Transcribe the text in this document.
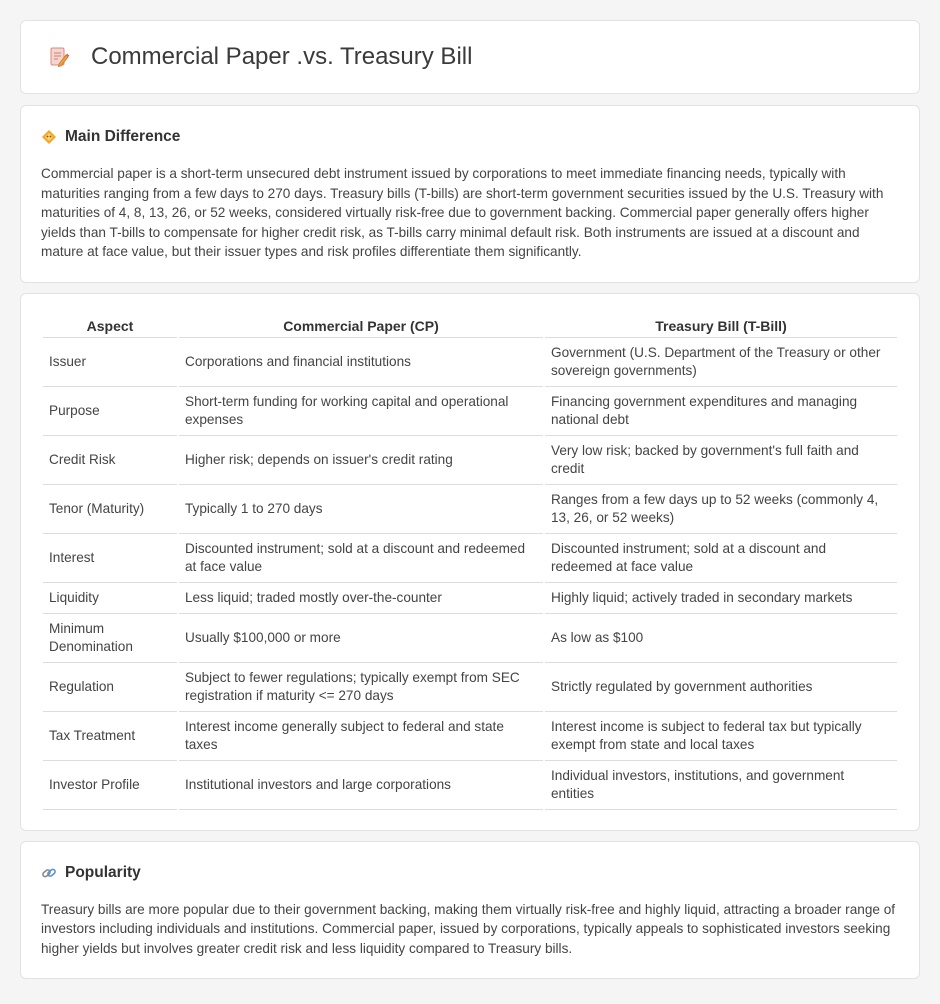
Commercial Paper .vs. Treasury Bill
Main Difference

Commercial paper is a short-term unsecured debt instrument issued by corporations to meet immediate financing needs, typically with maturities ranging from a few days to 270 days. Treasury bills (T-bills) are short-term government securities issued by the U.S. Treasury with maturities of 4, 8, 13, 26, or 52 weeks, considered virtually risk-free due to government backing. Commercial paper generally offers higher yields than T-bills to compensate for higher credit risk, as T-bills carry minimal default risk. Both instruments are issued at a discount and mature at face value, but their issuer types and risk profiles differentiate them significantly.

Aspect	Commercial Paper (CP)	Treasury Bill (T-Bill)
Issuer	Corporations and financial institutions	Government (U.S. Department of the Treasury or other sovereign governments)
Purpose	Short-term funding for working capital and operational expenses	Financing government expenditures and managing national debt
Credit Risk	Higher risk; depends on issuer's credit rating	Very low risk; backed by government's full faith and credit
Tenor (Maturity)	Typically 1 to 270 days	Ranges from a few days up to 52 weeks (commonly 4, 13, 26, or 52 weeks)
Interest	Discounted instrument; sold at a discount and redeemed at face value	Discounted instrument; sold at a discount and redeemed at face value
Liquidity	Less liquid; traded mostly over-the-counter	Highly liquid; actively traded in secondary markets
Minimum Denomination	Usually $100,000 or more	As low as $100
Regulation	Subject to fewer regulations; typically exempt from SEC registration if maturity <= 270 days	Strictly regulated by government authorities
Tax Treatment	Interest income generally subject to federal and state taxes	Interest income is subject to federal tax but typically exempt from state and local taxes
Investor Profile	Institutional investors and large corporations	Individual investors, institutions, and government entities
Popularity

Treasury bills are more popular due to their government backing, making them virtually risk-free and highly liquid, attracting a broader range of investors including individuals and institutions. Commercial paper, issued by corporations, typically appeals to sophisticated investors seeking higher yields but involves greater credit risk and less liquidity compared to Treasury bills.
